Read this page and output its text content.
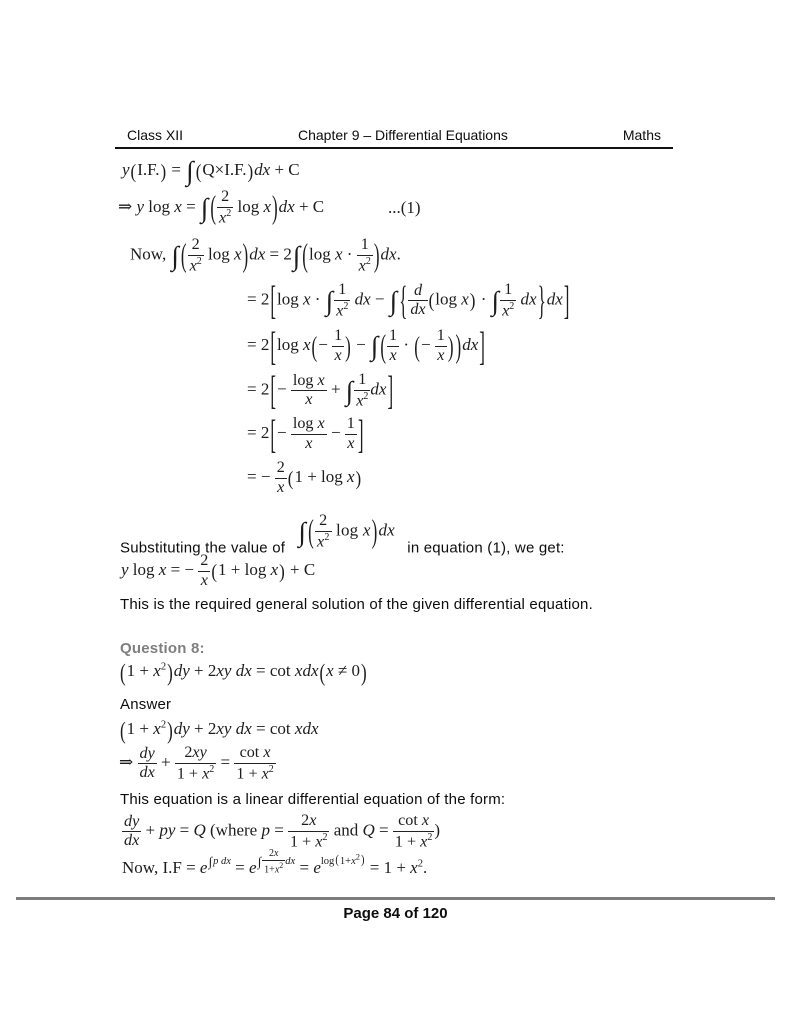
Class XII	Chapter 9 – Differential Equations	Maths
y(I.F.) = ∫ (Q×I.F.)dx + C
⇒ y log x = ∫ ( $\frac{2}{x^2}$ log x)dx + C	...(1)
Now, ∫ ( $\frac{2}{x^2}$ log x)dx = 2∫ (log $x \cdot \frac{1}{x^2} )dx$.
= 2[log x · ∫ $\frac{1}{x^2}$ dx − ∫ { $\frac{d}{dx} (\log$ x) · ∫ $\frac{1}{x^2} dx\}dx$]
= 2[log $x(- \frac{1}{x}$ ) − ∫ ( $\frac{1}{x}$ · (− $\frac{1}{x}$ ) )dx]
= $2[- \frac{\text{log x}}{x}$ + ∫ $\frac{1}{x^2} dx$]
= $2[- \frac{\text{log x}}{x} - \frac{1}{x}$ ]
= − $\frac{2}{x} (1 + \log x)$
Substituting the value of ∫ ( $\frac{2}{x^2}$ log x)dx in equation (1), we get:
y log x = − $\frac{2}{x} (1 + \log x) + C$
This is the required general solution of the given differential equation.
Question 8:
$(1 + x^2)dy + 2xy$ dx = cot xdx(x ≠ 0)
Answer
$(1 + x^2)dy + 2xy$ dx = cot xdx
⇒ $\frac{dy}{dx} + \frac{2xy}{1 + x^2} = \frac{\text{cot x}}{1 + x^2}$
This equation is a linear differential equation of the form:
$\frac{dy}{dx}$ + py = Q (where $p = \frac{2x}{1 + x^2}$ and $Q = \frac{\text{cot x}}{1 + x^2}$ )
Now, $I.F = e^{\int p dx} = e^{\int \frac{2x}{1+x^2} dx} = e^{log(1+x^2)} = 1 + x^2$.
Page 84 of 120
